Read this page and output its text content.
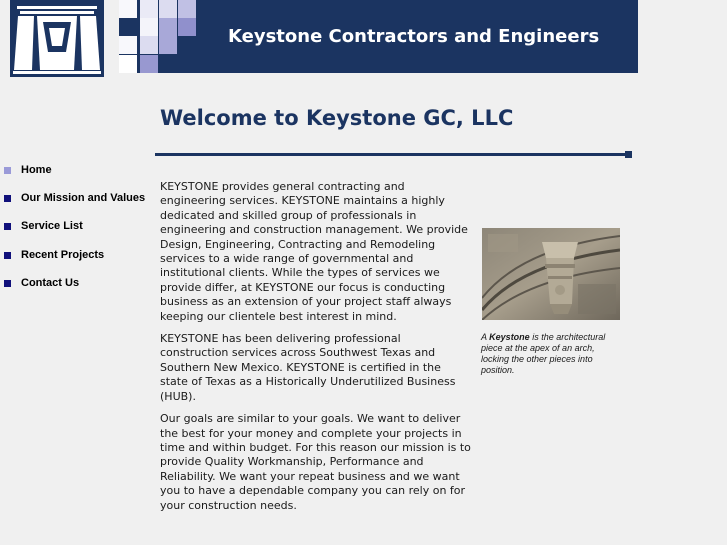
Keystone Contractors and Engineers
Welcome to Keystone GC, LLC
Home
Our Mission and Values
Service List
Recent Projects
Contact Us

KEYSTONE provides general contracting and engineering services. KEYSTONE maintains a highly dedicated and skilled group of professionals in engineering and construction management. We provide Design, Engineering, Contracting and Remodeling services to a wide range of governmental and institutional clients. While the types of services we provide differ, at KEYSTONE our focus is conducting business as an extension of your project staff always keeping our clientele best interest in mind.

KEYSTONE has been delivering professional construction services across Southwest Texas and Southern New Mexico. KEYSTONE is certified in the state of Texas as a Historically Underutilized Business (HUB).

Our goals are similar to your goals. We want to deliver the best for your money and complete your projects in time and within budget. For this reason our mission is to provide Quality Workmanship, Performance and Reliability. We want your repeat business and we want you to have a dependable company you can rely on for your construction needs.

A Keystone is the architectural piece at the apex of an arch, locking the other pieces into position.
